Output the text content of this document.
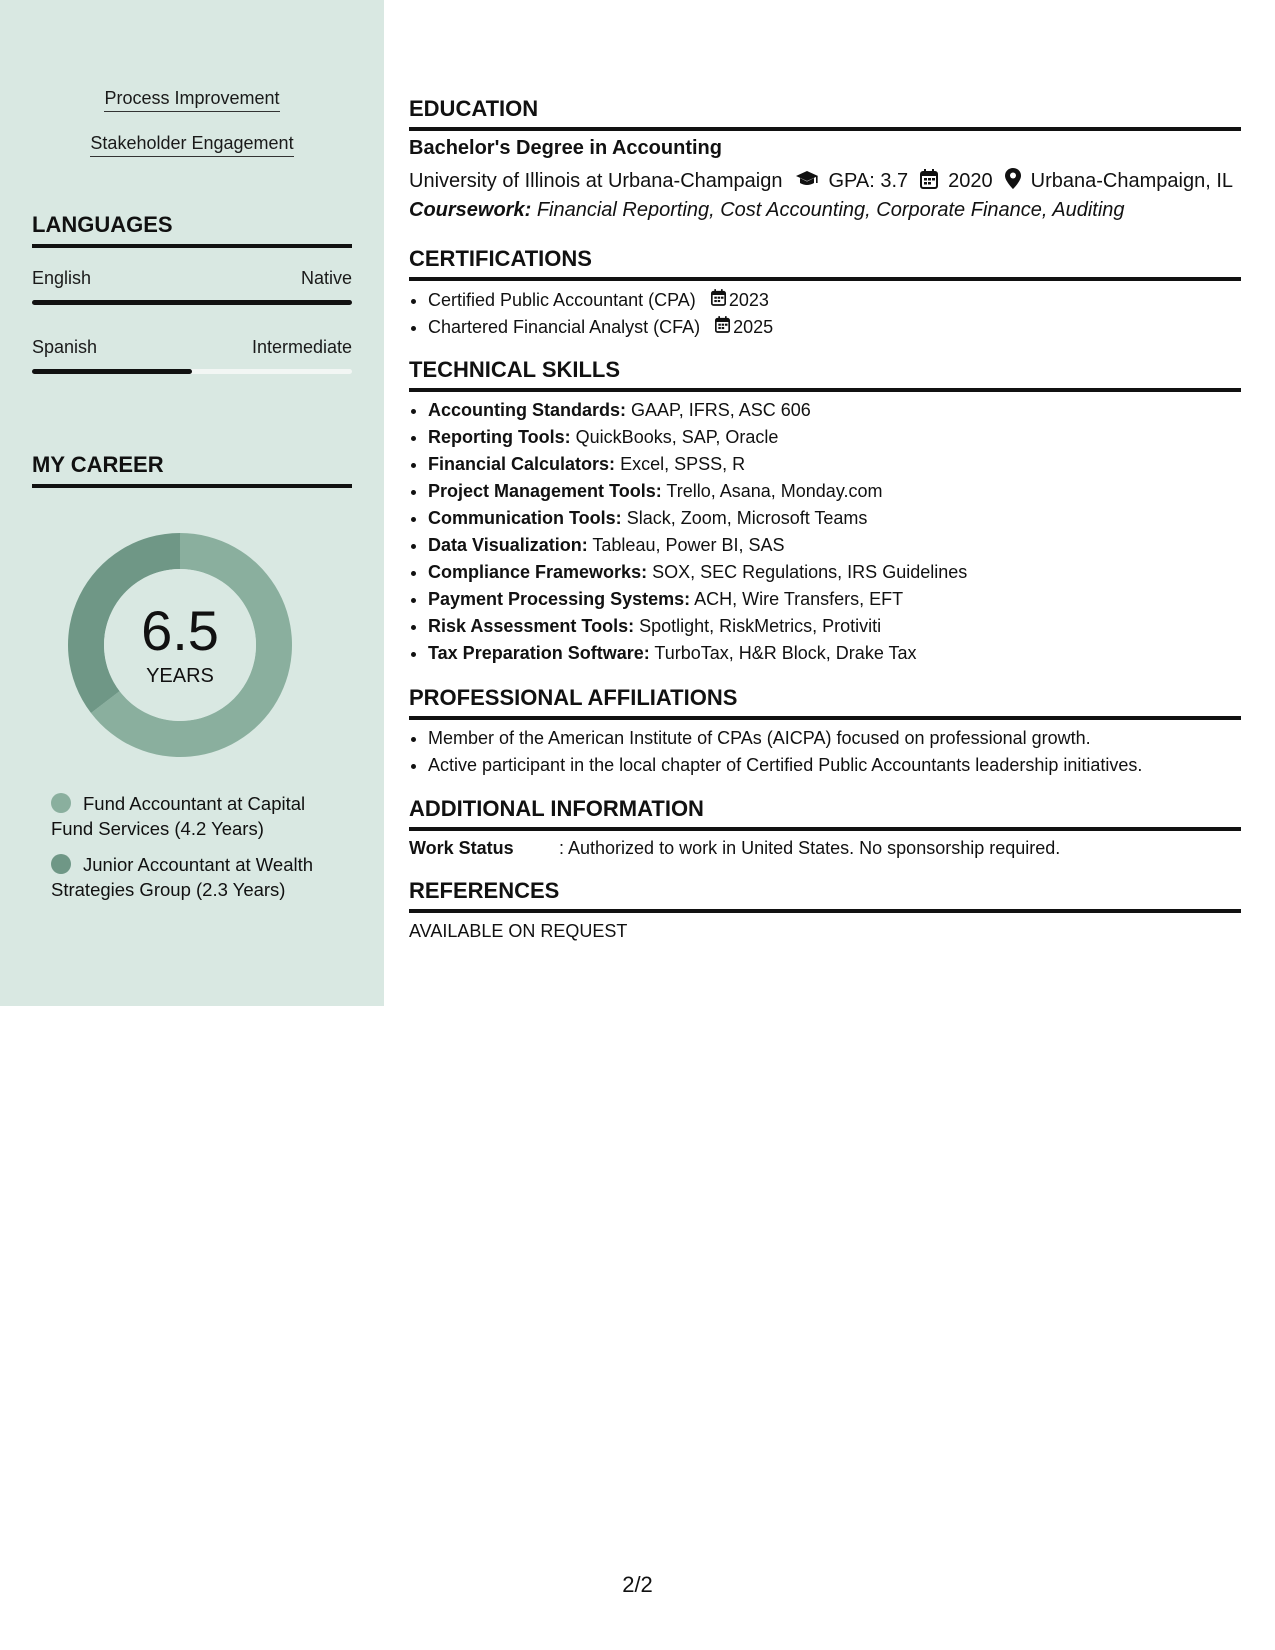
Process Improvement
Stakeholder Engagement
LANGUAGES
English	Native
Spanish	Intermediate
MY CAREER
6.5
YEARS
Fund Accountant at Capital Fund Services (4.2 Years)
Junior Accountant at Wealth Strategies Group (2.3 Years)
EDUCATION
Bachelor's Degree in Accounting
University of Illinois at Urbana-Champaign GPA: 3.7 2020 Urbana-Champaign, IL
Coursework: Financial Reporting, Cost Accounting, Corporate Finance, Auditing
CERTIFICATIONS
• Certified Public Accountant (CPA) 2023
• Chartered Financial Analyst (CFA) 2025
TECHNICAL SKILLS
• Accounting Standards: GAAP, IFRS, ASC 606
• Reporting Tools: QuickBooks, SAP, Oracle
• Financial Calculators: Excel, SPSS, R
• Project Management Tools: Trello, Asana, Monday.com
• Communication Tools: Slack, Zoom, Microsoft Teams
• Data Visualization: Tableau, Power BI, SAS
• Compliance Frameworks: SOX, SEC Regulations, IRS Guidelines
• Payment Processing Systems: ACH, Wire Transfers, EFT
• Risk Assessment Tools: Spotlight, RiskMetrics, Protiviti
• Tax Preparation Software: TurboTax, H&R Block, Drake Tax
PROFESSIONAL AFFILIATIONS
• Member of the American Institute of CPAs (AICPA) focused on professional growth.
• Active participant in the local chapter of Certified Public Accountants leadership initiatives.
ADDITIONAL INFORMATION
Work Status	: Authorized to work in United States. No sponsorship required.
REFERENCES
AVAILABLE ON REQUEST
2/2
